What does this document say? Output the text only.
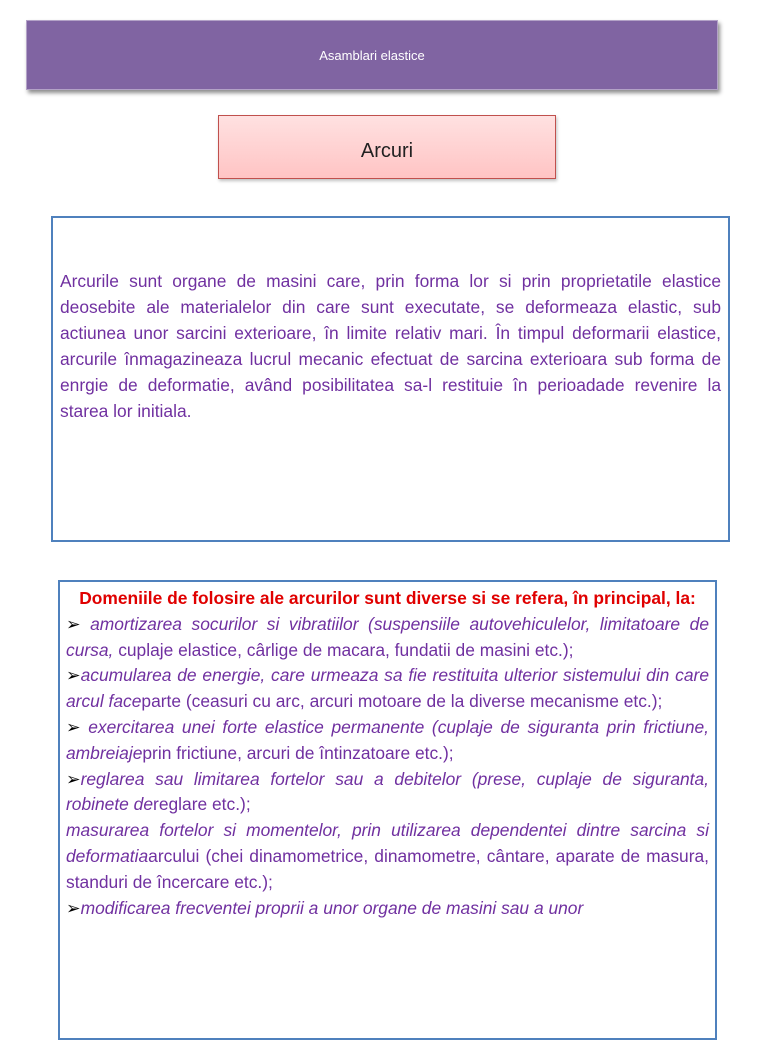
Asamblari elastice
Arcuri

Arcurile sunt organe de masini care, prin forma lor si prin proprietatile elastice deosebite ale materialelor din care sunt executate, se deformeaza elastic, sub actiunea unor sarcini exterioare, în limite relativ mari. În timpul deformarii elastice, arcurile înmagazineaza lucrul mecanic efectuat de sarcina exterioara sub forma de enrgie de deformatie, având posibilitatea sa-l restituie în perioadade revenire la starea lor initiala.

Domeniile de folosire ale arcurilor sunt diverse si se refera, în principal, la:

➢ amortizarea socurilor si vibratiilor (suspensiile autovehiculelor, limitatoare de cursa, cuplaje elastice, cârlige de macara, fundatii de masini etc.);

➢acumularea de energie, care urmeaza sa fie restituita ulterior sistemului din care arcul faceparte (ceasuri cu arc, arcuri motoare de la diverse mecanisme etc.);

➢ exercitarea unei forte elastice permanente (cuplaje de siguranta prin frictiune, ambreiajeprin frictiune, arcuri de întinzatoare etc.);

➢reglarea sau limitarea fortelor sau a debitelor (prese, cuplaje de siguranta, robinete dereglare etc.);

masurarea fortelor si momentelor, prin utilizarea dependentei dintre sarcina si deformatiaarcului (chei dinamometrice, dinamometre, cântare, aparate de masura, standuri de încercare etc.);

➢modificarea frecventei proprii a unor organe de masini sau a unor
